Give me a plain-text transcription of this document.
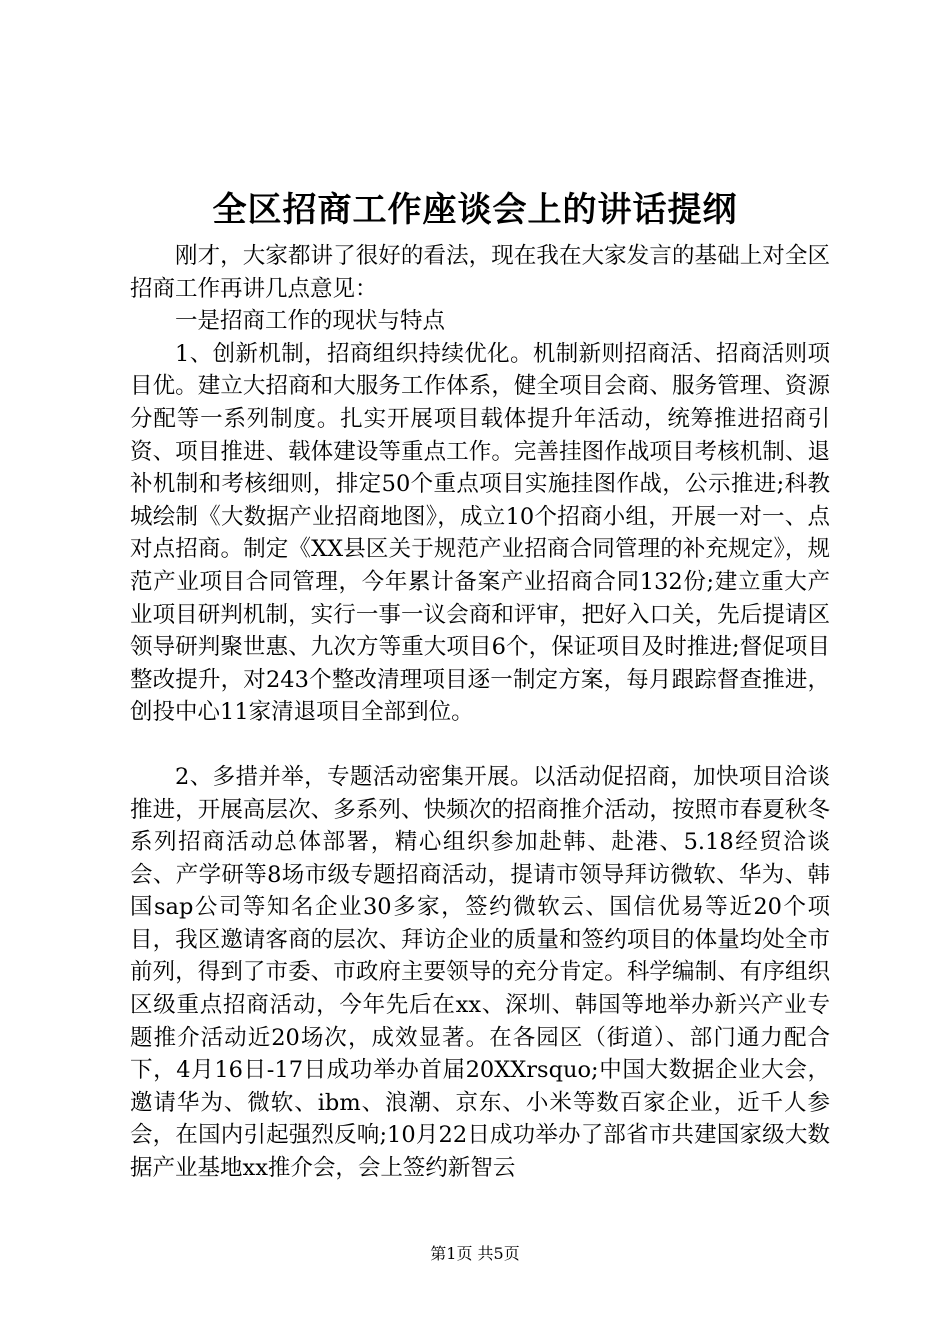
全区招商工作座谈会上的讲话提纲

刚才，大家都讲了很好的看法，现在我在大家发言的基础上对全区招商工作再讲几点意见：

一是招商工作的现状与特点

1、创新机制，招商组织持续优化。机制新则招商活、招商活则项目优。建立大招商和大服务工作体系，健全项目会商、服务管理、资源分配等一系列制度。扎实开展项目载体提升年活动，统筹推进招商引资、项目推进、载体建设等重点工作。完善挂图作战项目考核机制、退补机制和考核细则，排定50个重点项目实施挂图作战，公示推进;科教城绘制《大数据产业招商地图》，成立10个招商小组，开展一对一、点对点招商。制定《XX县区关于规范产业招商合同管理的补充规定》，规范产业项目合同管理，今年累计备案产业招商合同132份;建立重大产业项目研判机制，实行一事一议会商和评审，把好入口关，先后提请区领导研判聚世惠、九次方等重大项目6个，保证项目及时推进;督促项目整改提升，对243个整改清理项目逐一制定方案，每月跟踪督查推进，创投中心11家清退项目全部到位。

2、多措并举，专题活动密集开展。以活动促招商，加快项目洽谈推进，开展高层次、多系列、快频次的招商推介活动，按照市春夏秋冬系列招商活动总体部署，精心组织参加赴韩、赴港、5.18经贸洽谈会、产学研等8场市级专题招商活动，提请市领导拜访微软、华为、韩国sap公司等知名企业30多家，签约微软云、国信优易等近20个项目，我区邀请客商的层次、拜访企业的质量和签约项目的体量均处全市前列，得到了市委、市政府主要领导的充分肯定。科学编制、有序组织区级重点招商活动，今年先后在xx、深圳、韩国等地举办新兴产业专题推介活动近20场次，成效显著。在各园区（街道）、部门通力配合下，4月16日-17日成功举办首届20XXrsquo;中国大数据企业大会，邀请华为、微软、ibm、浪潮、京东、小米等数百家企业，近千人参会，在国内引起强烈反响;10月22日成功举办了部省市共建国家级大数据产业基地xx推介会，会上签约新智云

第1页 共5页
